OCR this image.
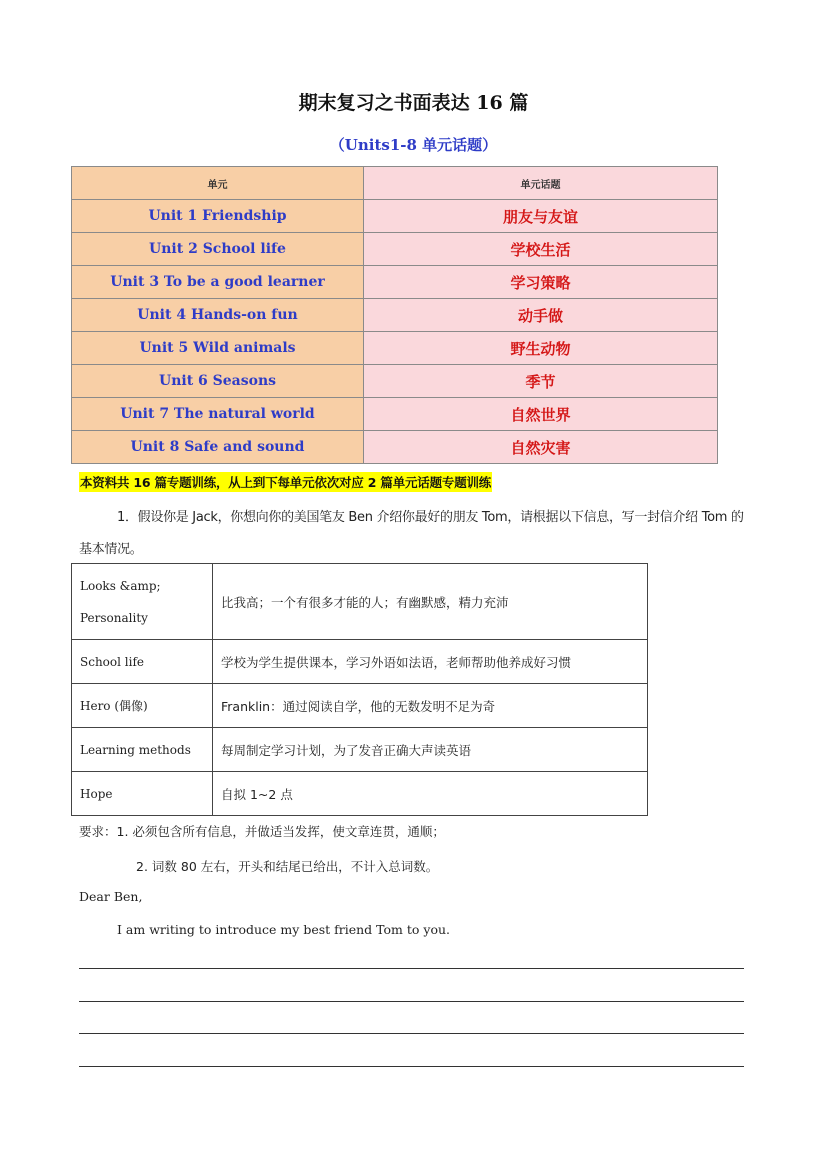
期末复习之书面表达 16 篇
（Units1-8 单元话题）
单元	单元话题
Unit 1 Friendship	朋友与友谊
Unit 2 School life	学校生活
Unit 3 To be a good learner	学习策略
Unit 4 Hands-on fun	动手做
Unit 5 Wild animals	野生动物
Unit 6 Seasons	季节
Unit 7 The natural world	自然世界
Unit 8 Safe and sound	自然灾害
本资料共 16 篇专题训练，从上到下每单元依次对应 2 篇单元话题专题训练
1．假设你是 Jack，你想向你的美国笔友 Ben 介绍你最好的朋友 Tom，请根据以下信息，写一封信介绍 Tom 的基本情况。
Looks &amp; Personality	比我高；一个有很多才能的人；有幽默感，精力充沛
School life	学校为学生提供课本，学习外语如法语，老师帮助他养成好习惯
Hero (偶像)	Franklin：通过阅读自学，他的无数发明不足为奇
Learning methods	每周制定学习计划，为了发音正确大声读英语
Hope	自拟 1~2 点
要求：1. 必须包含所有信息，并做适当发挥，使文章连贯，通顺；
2. 词数 80 左右，开头和结尾已给出，不计入总词数。
Dear Ben,
I am writing to introduce my best friend Tom to you.
